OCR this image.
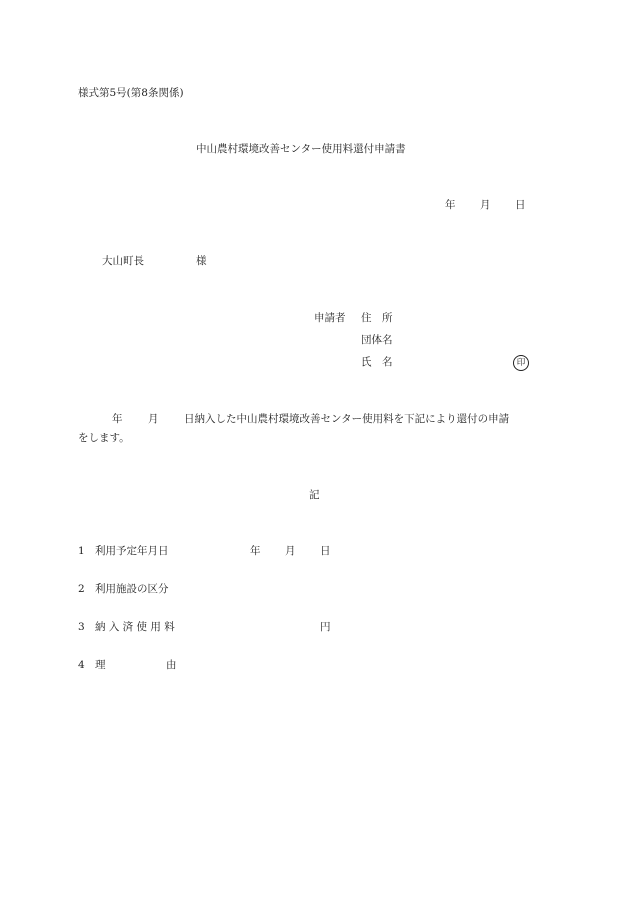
様式第5号(第8条関係)
中山農村環境改善センター使用料還付申請書
年 月 日
大山町長	様
申請者 住　所
団体名
氏　名	印
年 月 日納入した中山農村環境改善センター使用料を下記により還付の申請
をします。
記
1 利用予定年月日	年 月 日
2 利用施設の区分
3 納 入 済 使 用 料	円
4 理	由
